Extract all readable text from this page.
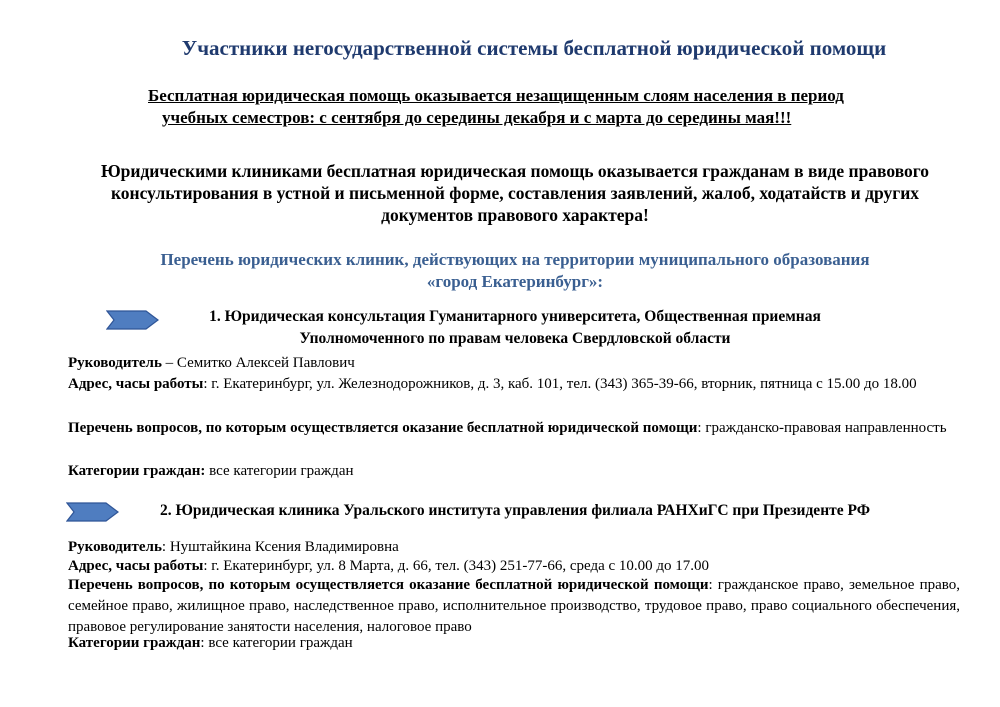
Участники негосударственной системы бесплатной юридической помощи
Бесплатная юридическая помощь оказывается незащищенным слоям населения в период
учебных семестров: с сентября до середины декабря и с марта до середины мая!!!
Юридическими клиниками бесплатная юридическая помощь оказывается гражданам в виде правового консультирования в устной и письменной форме, составления заявлений, жалоб, ходатайств и других документов правового характера!
Перечень юридических клиник, действующих на территории муниципального образования
«город Екатеринбург»:
1. Юридическая консультация Гуманитарного университета, Общественная приемная
Уполномоченного по правам человека Свердловской области
Руководитель – Семитко Алексей Павлович
Адрес, часы работы: г. Екатеринбург, ул. Железнодорожников, д. 3, каб. 101, тел. (343) 365-39-66, вторник, пятница с 15.00 до 18.00
Перечень вопросов, по которым осуществляется оказание бесплатной юридической помощи: гражданско-правовая направленность
Категории граждан: все категории граждан
2. Юридическая клиника Уральского института управления филиала РАНХиГС при Президенте РФ
Руководитель: Нуштайкина Ксения Владимировна
Адрес, часы работы: г. Екатеринбург, ул. 8 Марта, д. 66, тел. (343) 251-77-66, среда с 10.00 до 17.00
Перечень вопросов, по которым осуществляется оказание бесплатной юридической помощи: гражданское право, земельное право, семейное право, жилищное право, наследственное право, исполнительное производство, трудовое право, право социального обеспечения, правовое регулирование занятости населения, налоговое право
Категории граждан: все категории граждан
